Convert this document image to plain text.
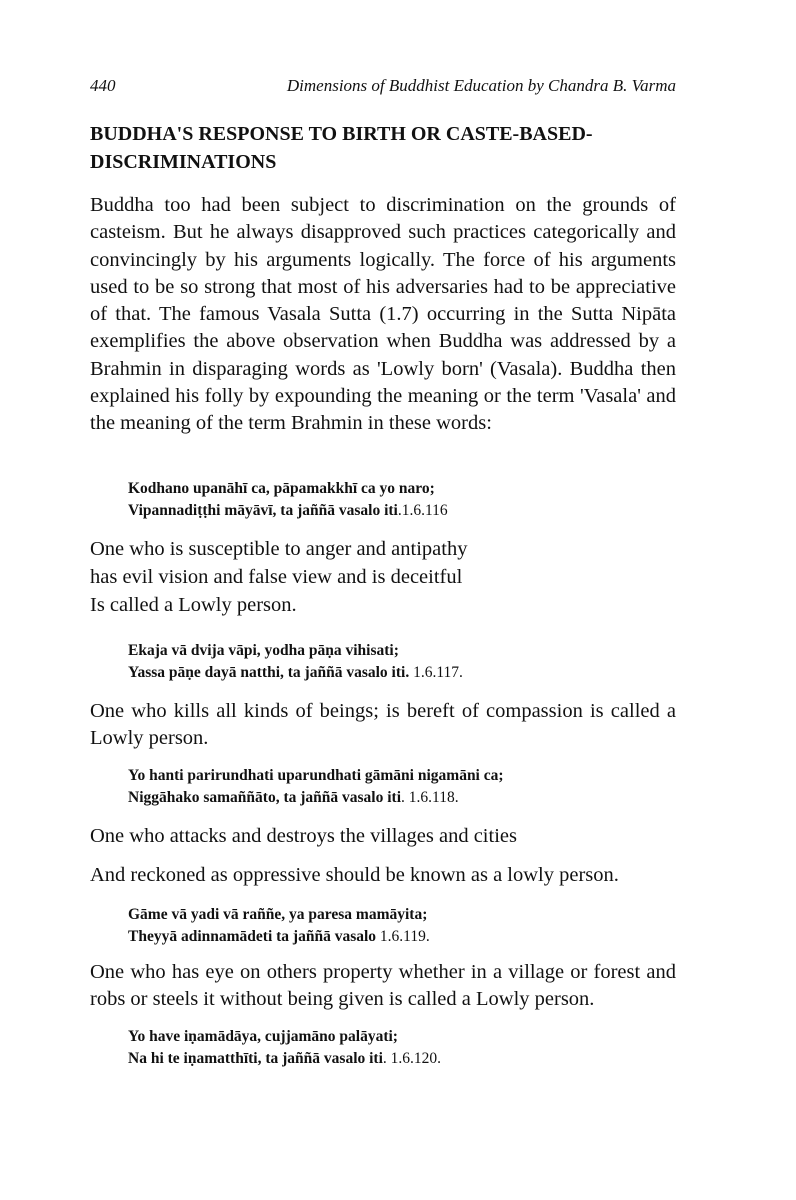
440	Dimensions of Buddhist Education by Chandra B. Varma
BUDDHA'S RESPONSE TO BIRTH OR CASTE-BASED-
DISCRIMINATIONS
Buddha too had been subject to discrimination on the grounds of casteism. But he always disapproved such practices categorically and convincingly by his arguments logically. The force of his arguments used to be so strong that most of his adversaries had to be appreciative of that. The famous Vasala Sutta (1.7) occurring in the Sutta Nipāta exemplifies the above observation when Buddha was addressed by a Brahmin in disparaging words as 'Lowly born' (Vasala). Buddha then explained his folly by expounding the meaning or the term 'Vasala' and the meaning of the term Brahmin in these words:
Kodhano upanāhī ca, pāpamakkhī ca yo naro;
Vipannadiṭṭhi māyāvī, ta jaññā vasalo iti.1.6.116
One who is susceptible to anger and antipathy
has evil vision and false view and is deceitful
Is called a Lowly person.
Ekaja vā dvija vāpi, yodha pāṇa vihisati;
Yassa pāṇe dayā natthi, ta jaññā vasalo iti. 1.6.117.
One who kills all kinds of beings; is bereft of compassion is called a Lowly person.
Yo hanti parirundhati uparundhati gāmāni nigamāni ca;
Niggāhako samaññāto, ta jaññā vasalo iti. 1.6.118.
One who attacks and destroys the villages and cities
And reckoned as oppressive should be known as a lowly person.
Gāme vā yadi vā raññe, ya paresa mamāyita;
Theyyā adinnamādeti ta jaññā vasalo 1.6.119.
One who has eye on others property whether in a village or forest and robs or steels it without being given is called a Lowly person.
Yo have iṇamādāya, cujjamāno palāyati;
Na hi te iṇamatthīti, ta jaññā vasalo iti. 1.6.120.
